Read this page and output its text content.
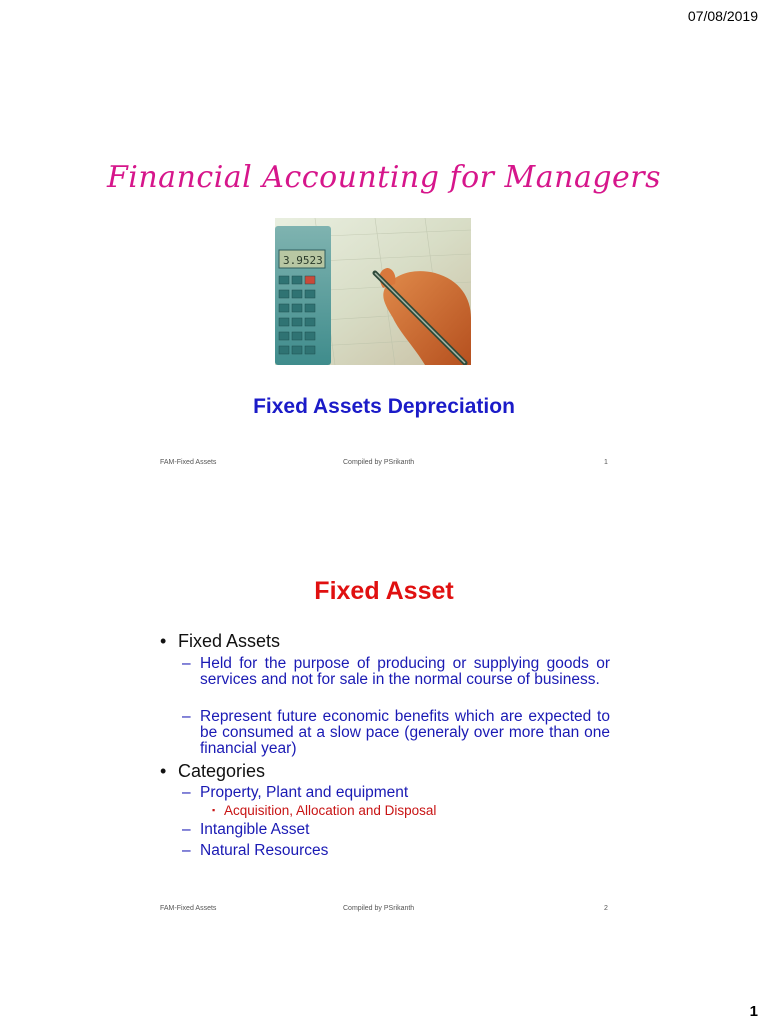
07/08/2019
Financial Accounting for Managers
3.9523
Fixed Assets Depreciation
FAM-Fixed Assets	Compiled by PSrikanth	1
Fixed Asset
• Fixed Assets
– Held for the purpose of producing or supplying goods or services and not for sale in the normal course of business.
– Represent future economic benefits which are expected to be consumed at a slow pace (generaly over more than one financial year)
• Categories
– Property, Plant and equipment
▪ Acquisition, Allocation and Disposal
– Intangible Asset
– Natural Resources
FAM-Fixed Assets	Compiled by PSrikanth	2
1
